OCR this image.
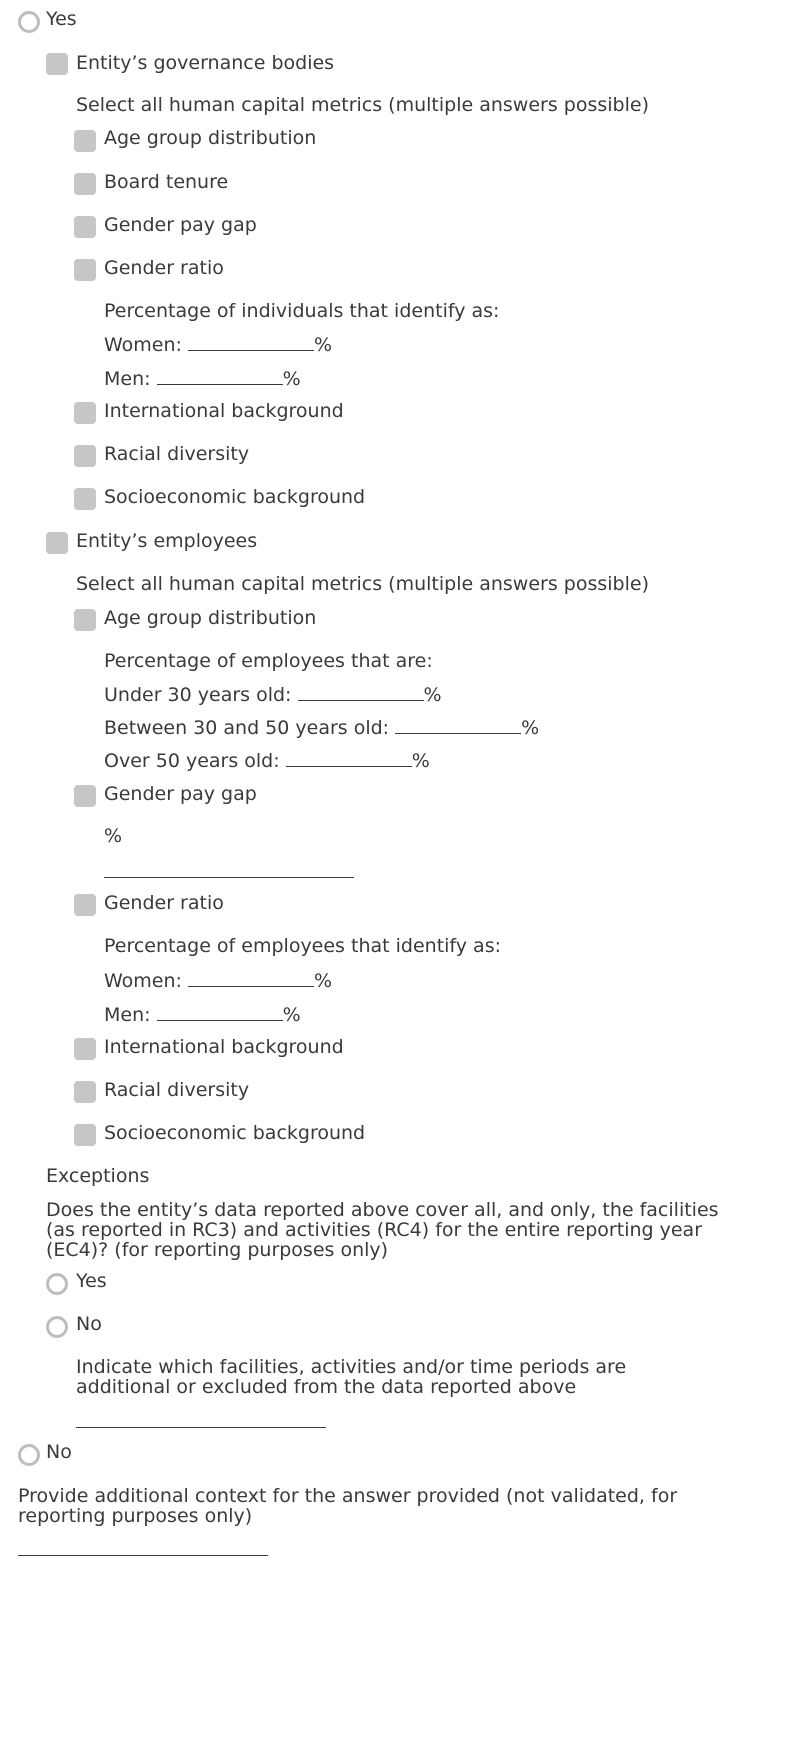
Yes
Entity’s governance bodies
Select all human capital metrics (multiple answers possible)
Age group distribution
Board tenure
Gender pay gap
Gender ratio
Percentage of individuals that identify as:
Women:	%
Men:	%
International background
Racial diversity
Socioeconomic background
Entity’s employees
Select all human capital metrics (multiple answers possible)
Age group distribution
Percentage of employees that are:
Under 30 years old:	%
Between 30 and 50 years old:	%
Over 50 years old:	%
Gender pay gap
%
Gender ratio
Percentage of employees that identify as:
Women:	%
Men:	%
International background
Racial diversity
Socioeconomic background
Exceptions
Does the entity’s data reported above cover all, and only, the facilities (as reported in RC3) and activities (RC4) for the entire reporting year (EC4)? (for reporting purposes only)
Yes
No
Indicate which facilities, activities and/or time periods are additional or excluded from the data reported above
No
Provide additional context for the answer provided (not validated, for reporting purposes only)
